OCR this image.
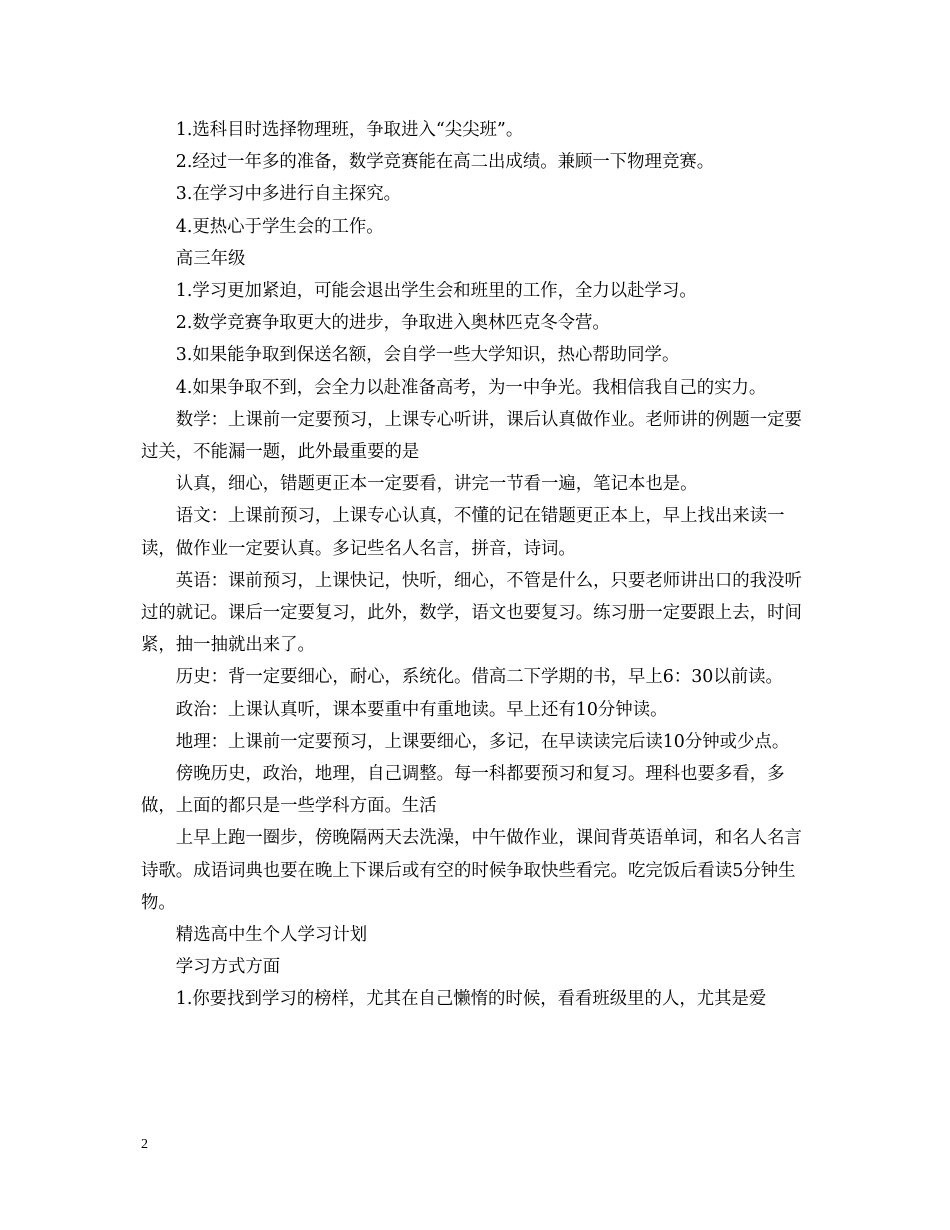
1.选科目时选择物理班，争取进入“尖尖班”。

2.经过一年多的准备，数学竞赛能在高二出成绩。兼顾一下物理竞赛。

3.在学习中多进行自主探究。

4.更热心于学生会的工作。

高三年级

1.学习更加紧迫，可能会退出学生会和班里的工作，全力以赴学习。

2.数学竞赛争取更大的进步，争取进入奥林匹克冬令营。

3.如果能争取到保送名额，会自学一些大学知识，热心帮助同学。

4.如果争取不到，会全力以赴准备高考，为一中争光。我相信我自己的实力。

数学：上课前一定要预习，上课专心听讲，课后认真做作业。老师讲的例题一定要过关，不能漏一题，此外最重要的是

认真，细心，错题更正本一定要看，讲完一节看一遍，笔记本也是。

语文：上课前预习，上课专心认真，不懂的记在错题更正本上，早上找出来读一读，做作业一定要认真。多记些名人名言，拼音，诗词。

英语：课前预习，上课快记，快听，细心，不管是什么，只要老师讲出口的我没听过的就记。课后一定要复习，此外，数学，语文也要复习。练习册一定要跟上去，时间紧，抽一抽就出来了。

历史：背一定要细心，耐心，系统化。借高二下学期的书，早上6：30以前读。

政治：上课认真听，课本要重中有重地读。早上还有10分钟读。

地理：上课前一定要预习，上课要细心，多记，在早读读完后读10分钟或少点。

傍晚历史，政治，地理，自己调整。每一科都要预习和复习。理科也要多看，多做，上面的都只是一些学科方面。生活

上早上跑一圈步，傍晚隔两天去洗澡，中午做作业，课间背英语单词，和名人名言诗歌。成语词典也要在晚上下课后或有空的时候争取快些看完。吃完饭后看读5分钟生物。

精选高中生个人学习计划

学习方式方面

1.你要找到学习的榜样，尤其在自己懒惰的时候，看看班级里的人，尤其是爱

2
